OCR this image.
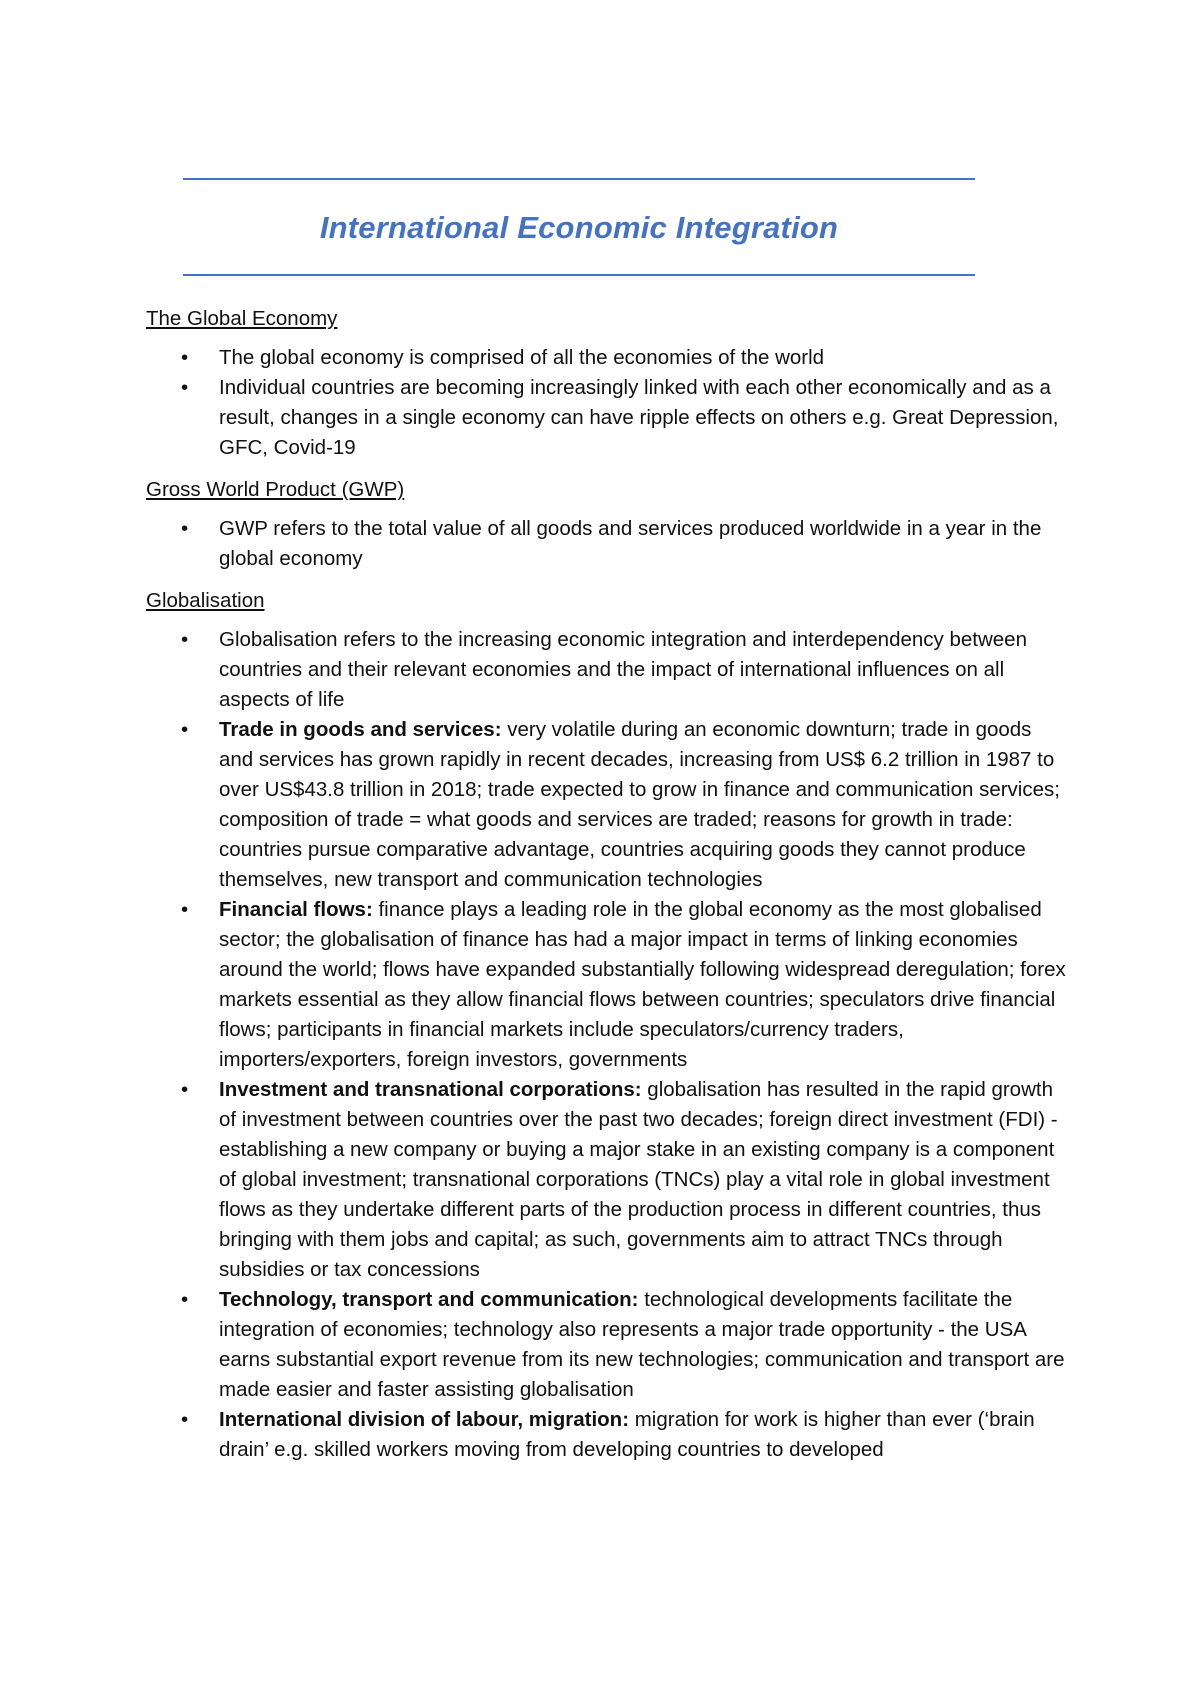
International Economic Integration
The Global Economy
• The global economy is comprised of all the economies of the world
• Individual countries are becoming increasingly linked with each other economically and as a result, changes in a single economy can have ripple effects on others e.g. Great Depression, GFC, Covid-19
Gross World Product (GWP)
• GWP refers to the total value of all goods and services produced worldwide in a year in the global economy
Globalisation
• Globalisation refers to the increasing economic integration and interdependency between countries and their relevant economies and the impact of international influences on all aspects of life
• Trade in goods and services: very volatile during an economic downturn; trade in goods and services has grown rapidly in recent decades, increasing from US$ 6.2 trillion in 1987 to over US$43.8 trillion in 2018; trade expected to grow in finance and communication services; composition of trade = what goods and services are traded; reasons for growth in trade: countries pursue comparative advantage, countries acquiring goods they cannot produce themselves, new transport and communication technologies
• Financial flows: finance plays a leading role in the global economy as the most globalised sector; the globalisation of finance has had a major impact in terms of linking economies around the world; flows have expanded substantially following widespread deregulation; forex markets essential as they allow financial flows between countries; speculators drive financial flows; participants in financial markets include speculators/currency traders, importers/exporters, foreign investors, governments
• Investment and transnational corporations: globalisation has resulted in the rapid growth of investment between countries over the past two decades; foreign direct investment (FDI) - establishing a new company or buying a major stake in an existing company is a component of global investment; transnational corporations (TNCs) play a vital role in global investment flows as they undertake different parts of the production process in different countries, thus bringing with them jobs and capital; as such, governments aim to attract TNCs through subsidies or tax concessions
• Technology, transport and communication: technological developments facilitate the integration of economies; technology also represents a major trade opportunity - the USA earns substantial export revenue from its new technologies; communication and transport are made easier and faster assisting globalisation
• International division of labour, migration: migration for work is higher than ever (‘brain drain’ e.g. skilled workers moving from developing countries to developed
